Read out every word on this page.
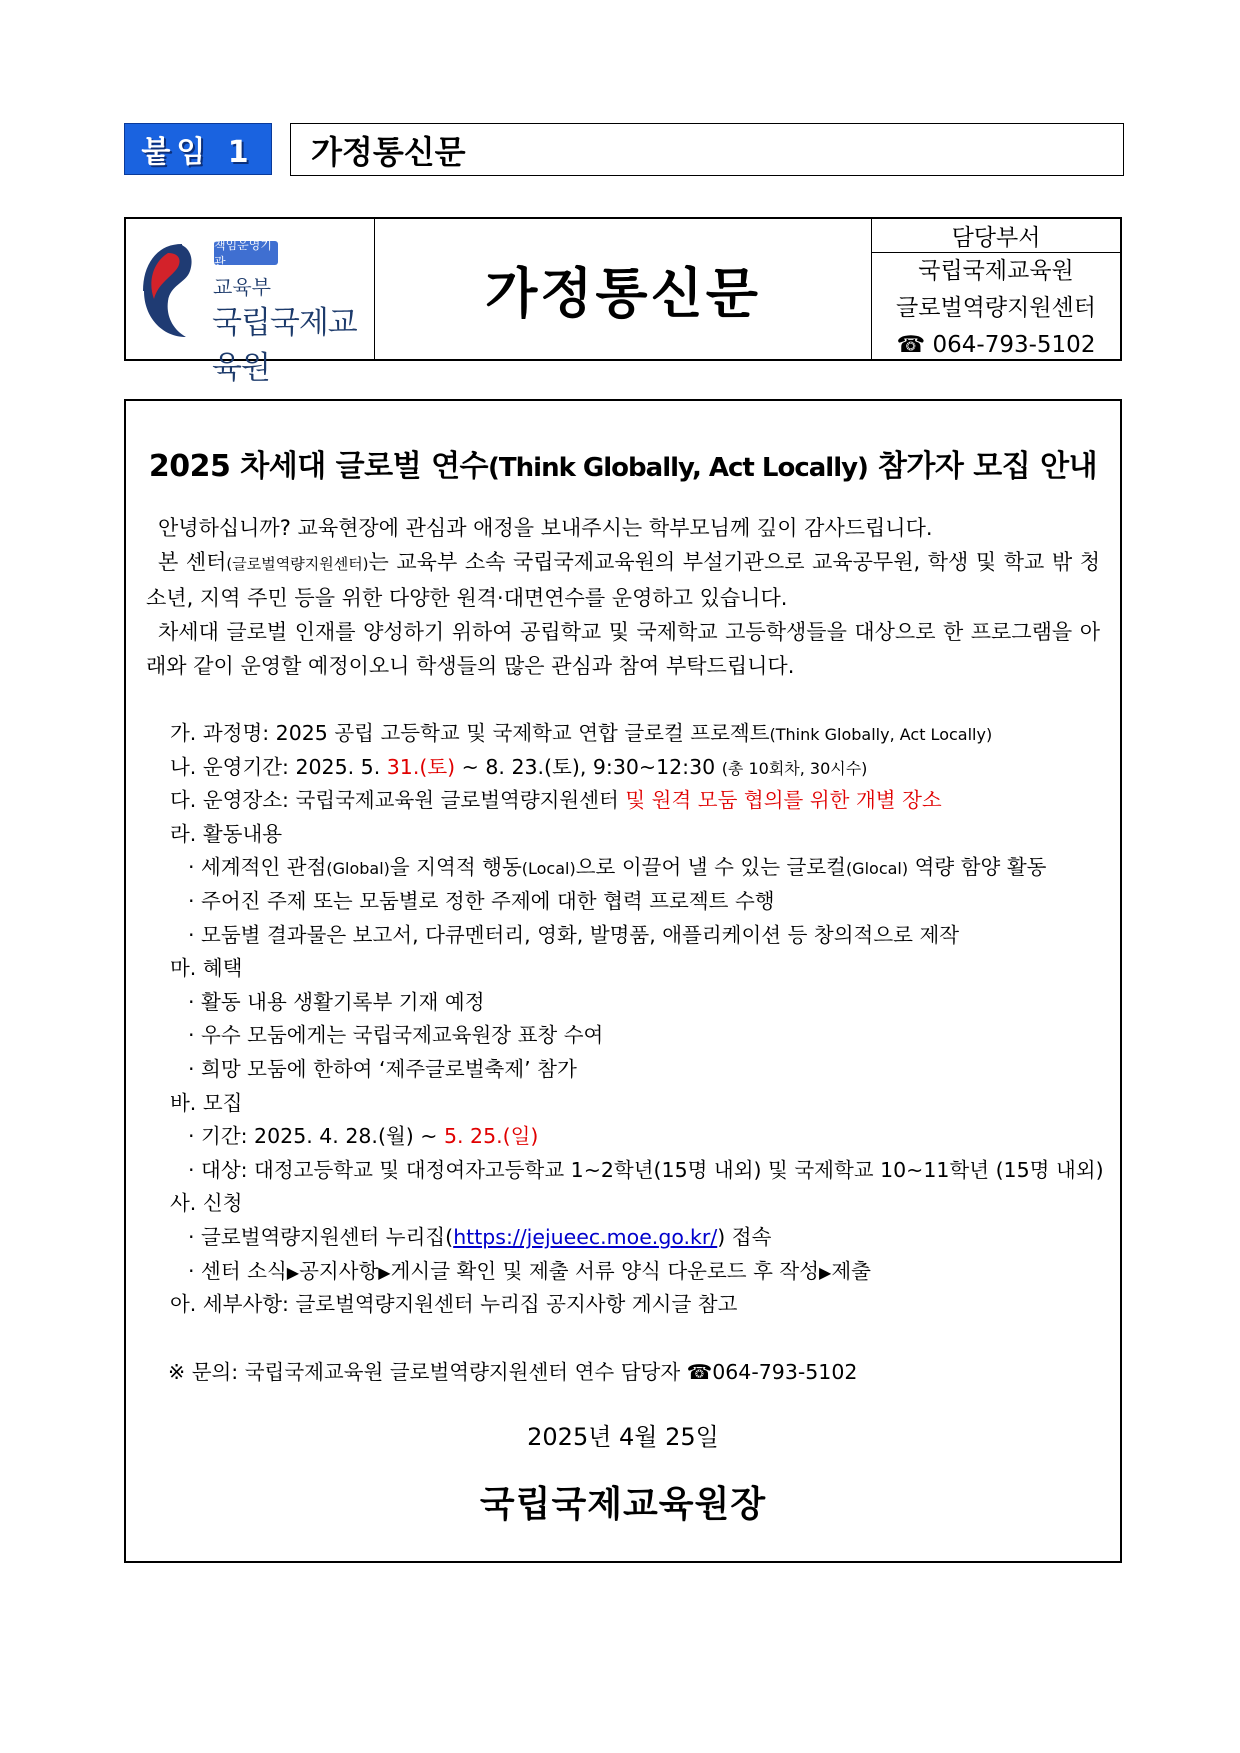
붙임 1	가정통신문
책임운영기관
교육부
국립국제교육원
가정통신문
담당부서
국립국제교육원
글로벌역량지원센터
☎ 064-793-5102
2025 차세대 글로벌 연수(Think Globally, Act Locally) 참가자 모집 안내

안녕하십니까? 교육현장에 관심과 애정을 보내주시는 학부모님께 깊이 감사드립니다.

본 센터(글로벌역량지원센터)는 교육부 소속 국립국제교육원의 부설기관으로 교육공무원, 학생 및 학교 밖 청소년, 지역 주민 등을 위한 다양한 원격·대면연수를 운영하고 있습니다.

차세대 글로벌 인재를 양성하기 위하여 공립학교 및 국제학교 고등학생들을 대상으로 한 프로그램을 아래와 같이 운영할 예정이오니 학생들의 많은 관심과 참여 부탁드립니다.

가. 과정명: 2025 공립 고등학교 및 국제학교 연합 글로컬 프로젝트(Think Globally, Act Locally)
나. 운영기간: 2025. 5. 31.(토) ~ 8. 23.(토), 9:30~12:30 (총 10회차, 30시수)
다. 운영장소: 국립국제교육원 글로벌역량지원센터 및 원격 모둠 협의를 위한 개별 장소
라. 활동내용
· 세계적인 관점(Global)을 지역적 행동(Local)으로 이끌어 낼 수 있는 글로컬(Glocal) 역량 함양 활동
· 주어진 주제 또는 모둠별로 정한 주제에 대한 협력 프로젝트 수행
· 모둠별 결과물은 보고서, 다큐멘터리, 영화, 발명품, 애플리케이션 등 창의적으로 제작
마. 혜택
· 활동 내용 생활기록부 기재 예정
· 우수 모둠에게는 국립국제교육원장 표창 수여
· 희망 모둠에 한하여 ‘제주글로벌축제’ 참가
바. 모집
· 기간: 2025. 4. 28.(월) ~ 5. 25.(일)
· 대상: 대정고등학교 및 대정여자고등학교 1~2학년(15명 내외) 및 국제학교 10~11학년 (15명 내외)
사. 신청
· 글로벌역량지원센터 누리집(https://jejueec.moe.go.kr/) 접속
· 센터 소식▶공지사항▶게시글 확인 및 제출 서류 양식 다운로드 후 작성▶제출
아. 세부사항: 글로벌역량지원센터 누리집 공지사항 게시글 참고
※ 문의: 국립국제교육원 글로벌역량지원센터 연수 담당자 ☎064-793-5102
2025년 4월 25일
국립국제교육원장
